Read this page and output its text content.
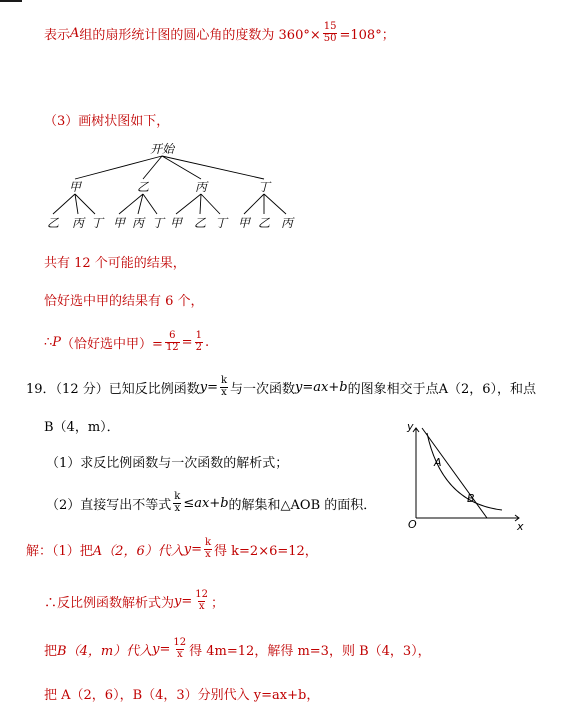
表示 A 组的扇形统计图的圆心角的度数为 $360^\circ\times \frac{15}{50} =108^\circ$；
（3）画树状图如下，
开始
甲	乙	丙	丁
乙 丙 丁 甲 丙 丁 甲 乙 丁 甲 乙 丙
共有 12 个可能的结果，
恰好选中甲的结果有 6 个，
∴ P （恰好选中甲）= $\frac{6}{12} = \frac{1}{2}$ .
19．（12 分）已知反比例函数 $y= \frac{k}{x}$ 与一次函数 y=ax+b 的图象相交于点 A（2，6），和点
B（4，m）．
（1）求反比例函数与一次函数的解析式；
（2）直接写出不等式 $\frac{k}{x} \le ax+b$ 的解集和△AOB 的面积．
y
x
O
A
B
解：（1）把 A（2，6）代入 $y= \frac{k}{x}$ 得 k=2×6=12，
∴反比例函数解析式为 $y= \frac{12}{x}$ ；
把 B（4，m）代入 $y= \frac{12}{x}$ 得 4m=12，解得 m=3，则 B（4，3），
把 A（2，6），B（4，3）分别代入 y=ax+b，
